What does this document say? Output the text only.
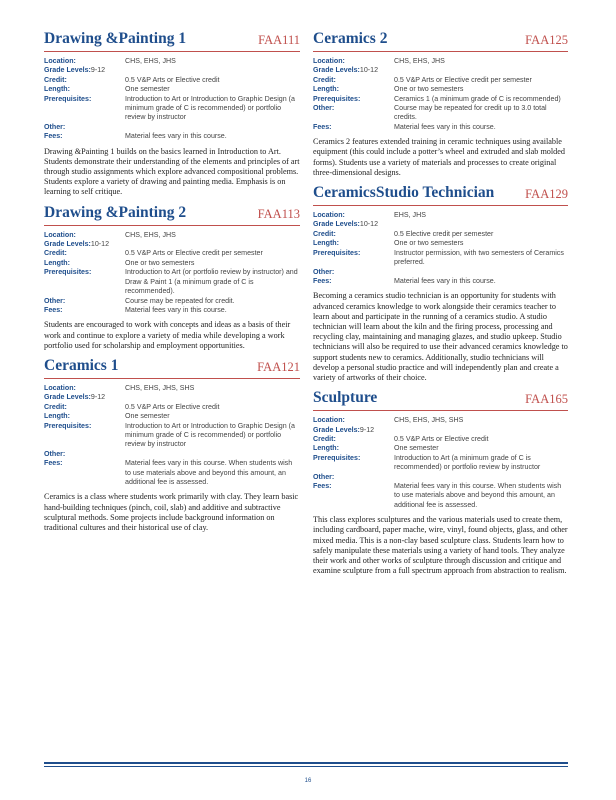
Drawing &Painting 1	FAA111
Location:	CHS, EHS, JHS
Grade Levels: 9-12
Credit:	0.5 V&P Arts or Elective credit
Length:	One semester
Prerequisites:	Introduction to Art or Introduction to Graphic Design (a minimum grade of C is recommended) or portfolio review by instructor
Other:
Fees:	Material fees vary in this course.

Drawing &Painting 1 builds on the basics learned in Introduction to Art. Students demonstrate their understanding of the elements and principles of art through studio assignments which explore advanced compositional problems. Students explore a variety of drawing and painting media. Emphasis is on learning to self critique.

Drawing &Painting 2	FAA113
Location:	CHS, EHS, JHS
Grade Levels: 10-12
Credit:	0.5 V&P Arts or Elective credit per semester
Length:	One or two semesters
Prerequisites:	Introduction to Art (or portfolio review by instructor) and Draw & Paint 1 (a minimum grade of C is recommended).
Other:	Course may be repeated for credit.
Fees:	Material fees vary in this course.

Students are encouraged to work with concepts and ideas as a basis of their work and continue to explore a variety of media while developing a work portfolio used for scholarship and employment opportunities.

Ceramics 1	FAA121
Location:	CHS, EHS, JHS, SHS
Grade Levels: 9-12
Credit:	0.5 V&P Arts or Elective credit
Length:	One semester
Prerequisites:	Introduction to Art or Introduction to Graphic Design (a minimum grade of C is recommended) or portfolio review by instructor
Other:
Fees:	Material fees vary in this course. When students wish to use materials above and beyond this amount, an additional fee is assessed.

Ceramics is a class where students work primarily with clay. They learn basic hand-building techniques (pinch, coil, slab) and additive and subtractive sculptural methods. Some projects include background information on traditional cultures and their historical use of clay.

Ceramics 2	FAA125
Location:	CHS, EHS, JHS
Grade Levels: 10-12
Credit:	0.5 V&P Arts or Elective credit per semester
Length:	One or two semesters
Prerequisites:	Ceramics 1 (a minimum grade of C is recommended)
Other:	Course may be repeated for credit up to 3.0 total credits.
Fees:	Material fees vary in this course.

Ceramics 2 features extended training in ceramic techniques using available equipment (this could include a potter’s wheel and extruded and slab molded forms). Students use a variety of materials and processes to create original three-dimensional designs.

CeramicsStudio Technician FAA129
Location:	EHS, JHS
Grade Levels: 10-12
Credit:	0.5 Elective credit per semester
Length:	One or two semesters
Prerequisites:	Instructor permission, with two semesters of Ceramics preferred.
Other:
Fees:	Material fees vary in this course.

Becoming a ceramics studio technician is an opportunity for students with advanced ceramics knowledge to work alongside their ceramics teacher to learn about and participate in the running of a ceramics studio. A studio technician will learn about the kiln and the firing process, processing and recycling clay, maintaining and managing glazes, and studio upkeep. Studio technicians will also be required to use their advanced ceramics knowledge to support students new to ceramics. Additionally, studio technicians will develop a personal studio practice and will independently plan and create a variety of artworks of their choice.

Sculpture	FAA165
Location:	CHS, EHS, JHS, SHS
Grade Levels: 9-12
Credit:	0.5 V&P Arts or Elective credit
Length:	One semester
Prerequisites:	Introduction to Art (a minimum grade of C is recommended) or portfolio review by instructor
Other:
Fees:	Material fees vary in this course. When students wish to use materials above and beyond this amount, an additional fee is assessed.

This class explores sculptures and the various materials used to create them, including cardboard, paper mache, wire, vinyl, found objects, glass, and other mixed media. This is a non-clay based sculpture class. Students learn how to safely manipulate these materials using a variety of hand tools. They analyze their work and other works of sculpture through discussion and critique and examine sculpture from a full spectrum approach from abstraction to realism.

16
